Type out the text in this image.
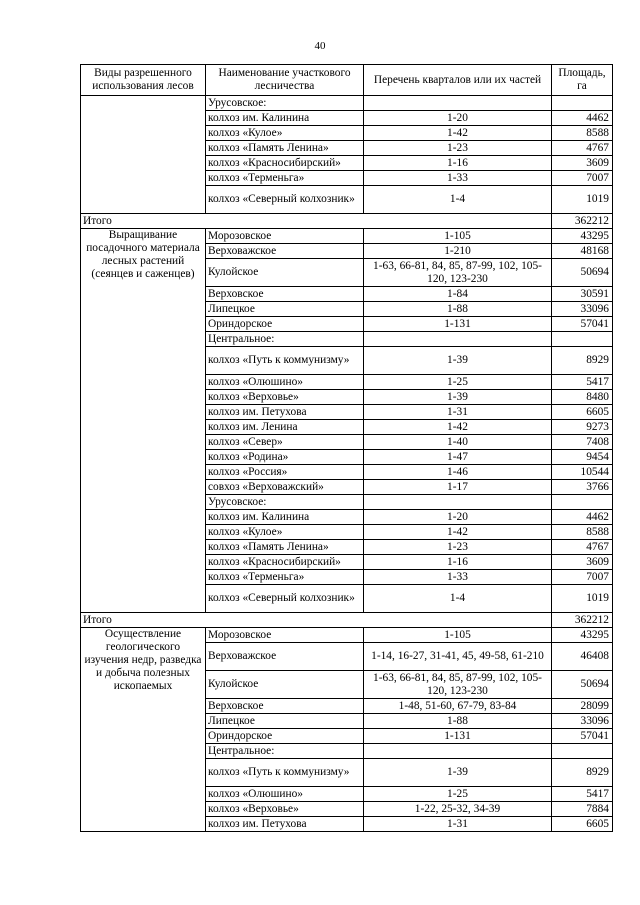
40
Виды разрешенного использования лесов	Наименование участкового лесничества	Перечень кварталов или их частей	Площадь, га
	Урусовское:		
	колхоз им. Калинина	1-20	4462
	колхоз «Кулое»	1-42	8588
	колхоз «Память Ленина»	1-23	4767
	колхоз «Красносибирский»	1-16	3609
	колхоз «Терменьга»	1-33	7007
	колхоз «Северный колхозник»	1-4	1019
Итого			362212
Выращивание посадочного материала лесных растений (сеянцев и саженцев)	Морозовское	1-105	43295
	Верховажское	1-210	48168
	Кулойское	1-63, 66-81, 84, 85, 87-99, 102, 105-120, 123-230	50694
	Верховское	1-84	30591
	Липецкое	1-88	33096
	Ориндорское	1-131	57041
	Центральное:		
	колхоз «Путь к коммунизму»	1-39	8929
	колхоз «Олюшино»	1-25	5417
	колхоз «Верховье»	1-39	8480
	колхоз им. Петухова	1-31	6605
	колхоз им. Ленина	1-42	9273
	колхоз «Север»	1-40	7408
	колхоз «Родина»	1-47	9454
	колхоз «Россия»	1-46	10544
	совхоз «Верховажский»	1-17	3766
	Урусовское:		
	колхоз им. Калинина	1-20	4462
	колхоз «Кулое»	1-42	8588
	колхоз «Память Ленина»	1-23	4767
	колхоз «Красносибирский»	1-16	3609
	колхоз «Терменьга»	1-33	7007
	колхоз «Северный колхозник»	1-4	1019
Итого			362212
Осуществление геологического изучения недр, разведка и добыча полезных ископаемых	Морозовское	1-105	43295
	Верховажское	1-14, 16-27, 31-41, 45, 49-58, 61-210	46408
	Кулойское	1-63, 66-81, 84, 85, 87-99, 102, 105-120, 123-230	50694
	Верховское	1-48, 51-60, 67-79, 83-84	28099
	Липецкое	1-88	33096
	Ориндорское	1-131	57041
	Центральное:		
	колхоз «Путь к коммунизму»	1-39	8929
	колхоз «Олюшино»	1-25	5417
	колхоз «Верховье»	1-22, 25-32, 34-39	7884
	колхоз им. Петухова	1-31	6605
